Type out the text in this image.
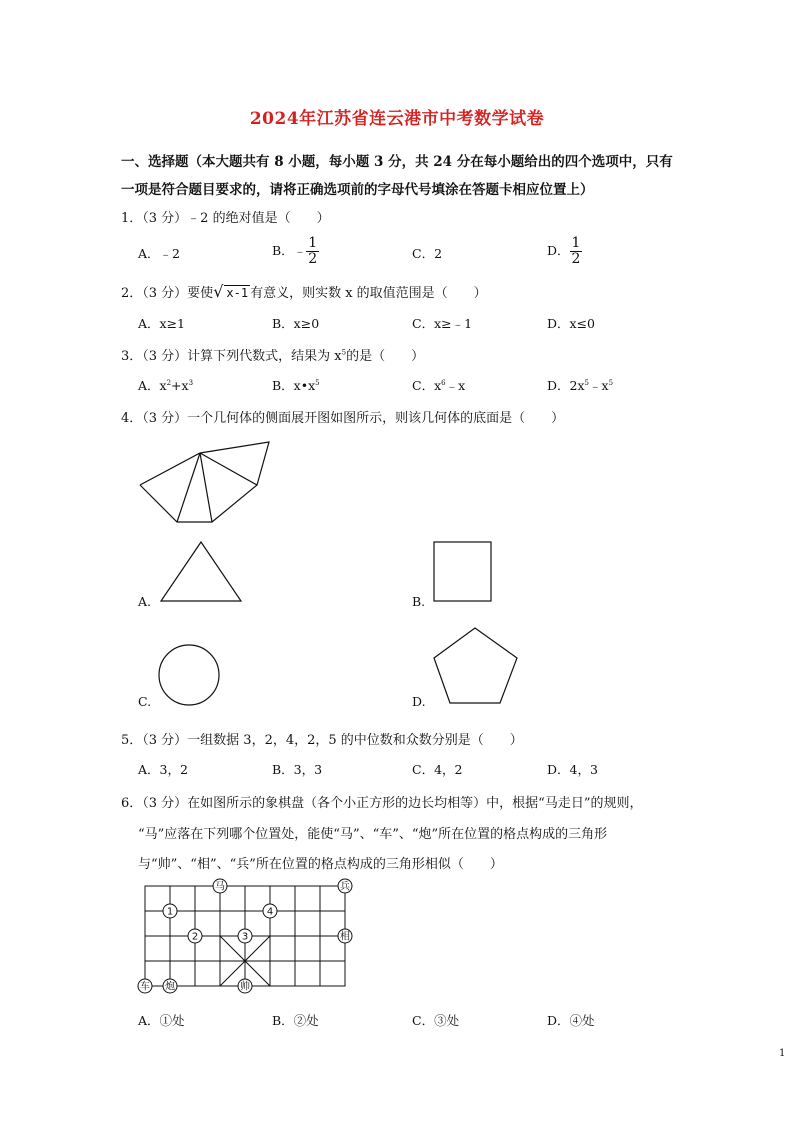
2024年江苏省连云港市中考数学试卷
一、选择题（本大题共有 8 小题，每小题 3 分，共 24 分在每小题给出的四个选项中，只有
一项是符合题目要求的，请将正确选项前的字母代号填涂在答题卡相应位置上）
1．（3 分）﹣2 的绝对值是（　　）
A．﹣2	B．﹣ $\frac{1}{2}$	C．2	D． $\frac{1}{2}$
2．（3 分）要使√ x-1 有意义，则实数 x 的取值范围是（　　）
A．x≥1	B．x≥0	C．x≥﹣1	D．x≤0
3．（3 分）计算下列代数式，结果为 $x^5$的是（　　）
A．$x^2+x^3$	B．$x•x^5$	C．$x^6﹣x$	D．$2x^5﹣x^5$
4．（3 分）一个几何体的侧面展开图如图所示，则该几何体的底面是（　　）
A.	B.
C.	D.
5．（3 分）一组数据 3，2，4，2，5 的中位数和众数分别是（　　）
A．3，2	B．3，3	C．4，2	D．4，3
6．（3 分）在如图所示的象棋盘（各个小正方形的边长均相等）中，根据“马走日”的规则，
“马”应落在下列哪个位置处，能使“马”、“车”、“炮”所在位置的格点构成的三角形
与“帅”、“相”、“兵”所在位置的格点构成的三角形相似（　　）
马	兵
相
车 炮	帅
1
2	3
4
A．①处	B．②处	C．③处	D．④处
1
